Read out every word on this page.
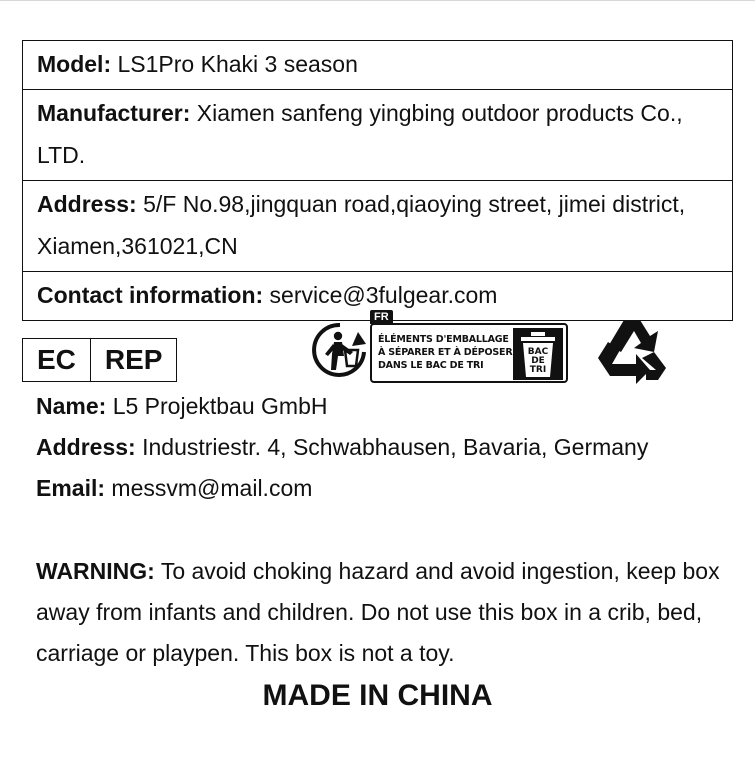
Model: LS1Pro Khaki 3 season
Manufacturer: Xiamen sanfeng yingbing outdoor products Co., LTD.
Address: 5/F No.98,jingquan road,qiaoying street, jimei district, Xiamen,361021,CN
Contact information: service@3fulgear.com
EC	REP
FR
ÉLÉMENTS D'EMBALLAGE
À SÉPARER ET À DÉPOSER
DANS LE BAC DE TRI
BAC
DE
TRI
Name: L5 Projektbau GmbH
Address: Industriestr. 4, Schwabhausen, Bavaria, Germany
Email: messvm@mail.com
WARNING: To avoid choking hazard and avoid ingestion, keep box away from infants and children. Do not use this box in a crib, bed, carriage or playpen. This box is not a toy.
MADE IN CHINA
